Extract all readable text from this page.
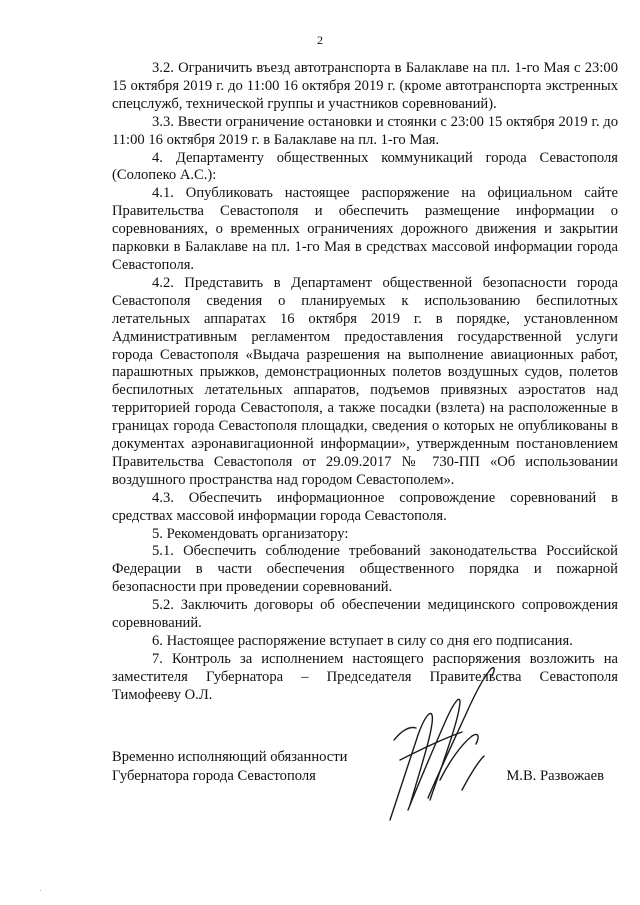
2

3.2. Ограничить въезд автотранспорта в Балаклаве на пл. 1-го Мая с 23:00 15 октября 2019 г. до 11:00 16 октября 2019 г. (кроме автотранспорта экстренных спецслужб, технической группы и участников соревнований).

3.3. Ввести ограничение остановки и стоянки с 23:00 15 октября 2019 г. до 11:00 16 октября 2019 г. в Балаклаве на пл. 1-го Мая.

4. Департаменту общественных коммуникаций города Севастополя (Солопеко А.С.):

4.1. Опубликовать настоящее распоряжение на официальном сайте Правительства Севастополя и обеспечить размещение информации о соревнованиях, о временных ограничениях дорожного движения и закрытии парковки в Балаклаве на пл. 1-го Мая в средствах массовой информации города Севастополя.

4.2. Представить в Департамент общественной безопасности города Севастополя сведения о планируемых к использованию беспилотных летательных аппаратах 16 октября 2019 г. в порядке, установленном Административным регламентом предоставления государственной услуги города Севастополя «Выдача разрешения на выполнение авиационных работ, парашютных прыжков, демонстрационных полетов воздушных судов, полетов беспилотных летательных аппаратов, подъемов привязных аэростатов над территорией города Севастополя, а также посадки (взлета) на расположенные в границах города Севастополя площадки, сведения о которых не опубликованы в документах аэронавигационной информации», утвержденным постановлением Правительства Севастополя от 29.09.2017 № 730-ПП «Об использовании воздушного пространства над городом Севастополем».

4.3. Обеспечить информационное сопровождение соревнований в средствах массовой информации города Севастополя.

5. Рекомендовать организатору:

5.1. Обеспечить соблюдение требований законодательства Российской Федерации в части обеспечения общественного порядка и пожарной безопасности при проведении соревнований.

5.2. Заключить договоры об обеспечении медицинского сопровождения соревнований.

6. Настоящее распоряжение вступает в силу со дня его подписания.

7. Контроль за исполнением настоящего распоряжения возложить на заместителя Губернатора – Председателя Правительства Севастополя Тимофееву О.Л.

Временно исполняющий обязанности
Губернатора города Севастополя	М.В. Развожаев
